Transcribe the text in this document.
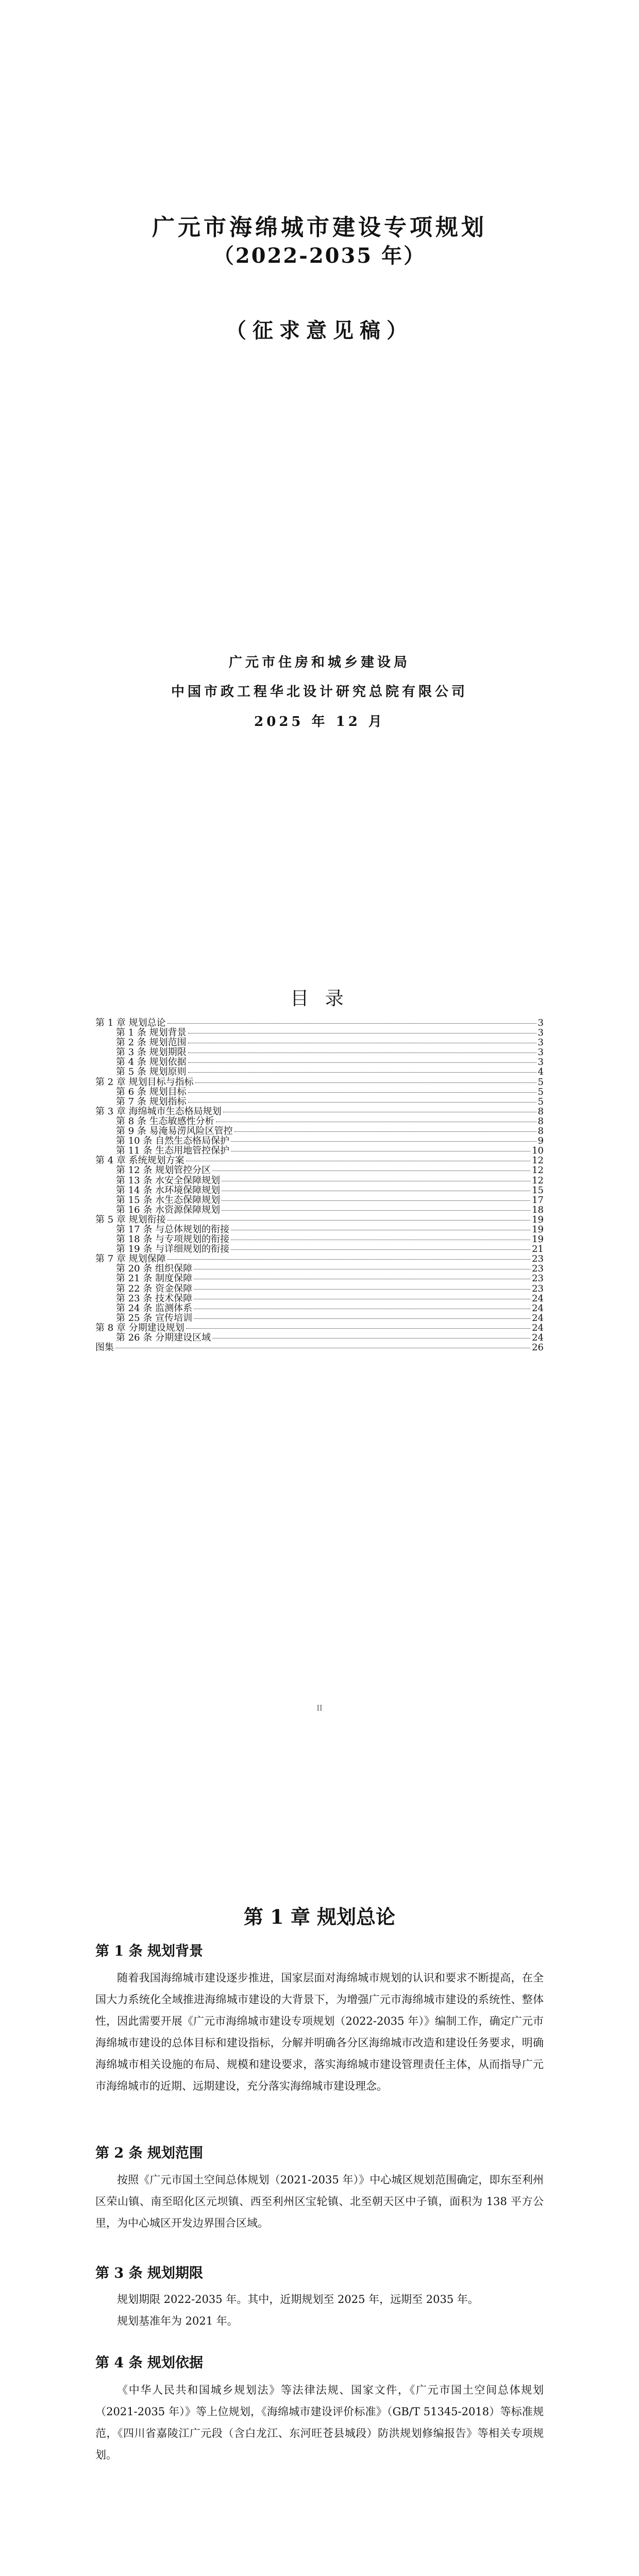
广元市海绵城市建设专项规划
（2022-2035 年）
（征求意见稿）
广元市住房和城乡建设局
中国市政工程华北设计研究总院有限公司
2025 年 12 月
目 录
第 1 章 规划总论	3
第 1 条 规划背景	3
第 2 条 规划范围	3
第 3 条 规划期限	3
第 4 条 规划依据	3
第 5 条 规划原则	4
第 2 章 规划目标与指标	5
第 6 条 规划目标	5
第 7 条 规划指标	5
第 3 章 海绵城市生态格局规划	8
第 8 条 生态敏感性分析	8
第 9 条 易淹易涝风险区管控	8
第 10 条 自然生态格局保护	9
第 11 条 生态用地管控保护	10
第 4 章 系统规划方案	12
第 12 条 规划管控分区	12
第 13 条 水安全保障规划	12
第 14 条 水环境保障规划	15
第 15 条 水生态保障规划	17
第 16 条 水资源保障规划	18
第 5 章 规划衔接	19
第 17 条 与总体规划的衔接	19
第 18 条 与专项规划的衔接	19
第 19 条 与详细规划的衔接	21
第 7 章 规划保障	23
第 20 条 组织保障	23
第 21 条 制度保障	23
第 22 条 资金保障	23
第 23 条 技术保障	24
第 24 条 监测体系	24
第 25 条 宣传培训	24
第 8 章 分期建设规划	24
第 26 条 分期建设区域	24
图集	26
II
第 1 章 规划总论
第 1 条 规划背景
随着我国海绵城市建设逐步推进，国家层面对海绵城市规划的认识和要求不断提高，在全国大力系统化全域推进海绵城市建设的大背景下，为增强广元市海绵城市建设的系统性、整体性，因此需要开展《广元市海绵城市建设专项规划（2022-2035 年）》编制工作，确定广元市海绵城市建设的总体目标和建设指标，分解并明确各分区海绵城市改造和建设任务要求，明确海绵城市相关设施的布局、规模和建设要求，落实海绵城市建设管理责任主体，从而指导广元市海绵城市的近期、远期建设，充分落实海绵城市建设理念。
第 2 条 规划范围
按照《广元市国土空间总体规划（2021-2035 年）》中心城区规划范围确定，即东至利州区荣山镇、南至昭化区元坝镇、西至利州区宝轮镇、北至朝天区中子镇，面积为 138 平方公里，为中心城区开发边界围合区域。
第 3 条 规划期限
规划期限 2022-2035 年。其中，近期规划至 2025 年，远期至 2035 年。
规划基准年为 2021 年。
第 4 条 规划依据
《中华人民共和国城乡规划法》等法律法规、国家文件，《广元市国土空间总体规划（2021-2035 年）》等上位规划，《海绵城市建设评价标准》（GB/T 51345-2018）等标准规范，《四川省嘉陵江广元段（含白龙江、东河旺苍县城段）防洪规划修编报告》等相关专项规划。
